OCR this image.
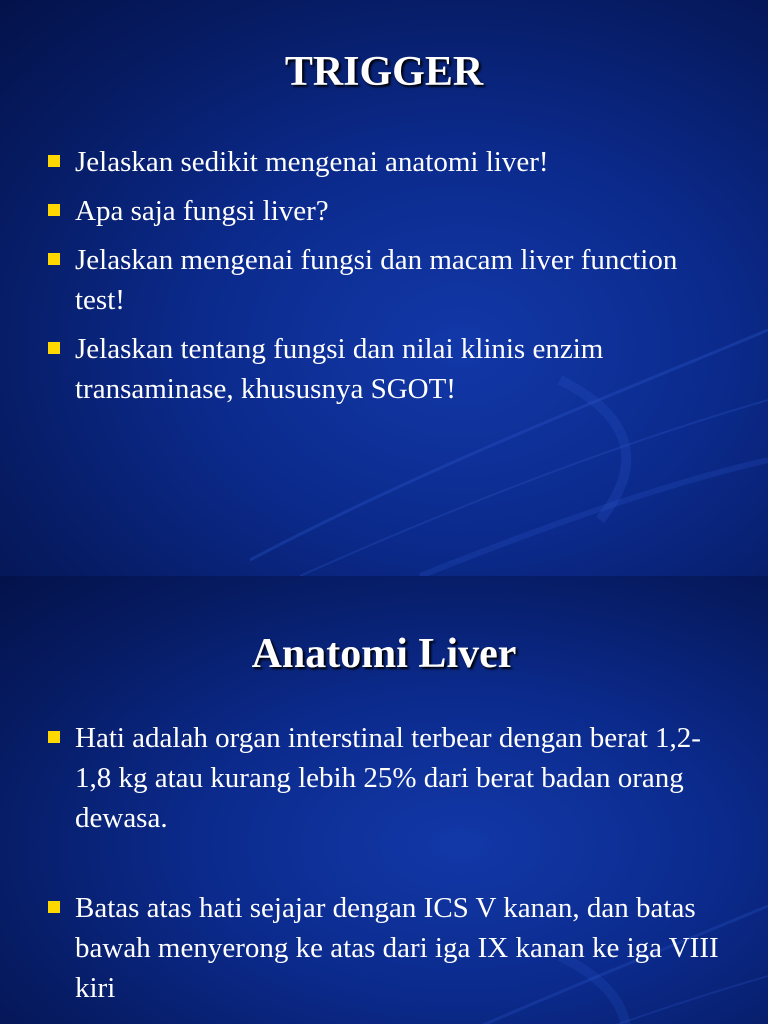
TRIGGER
Jelaskan sedikit mengenai anatomi liver!
Apa saja fungsi liver?
Jelaskan mengenai fungsi dan macam liver function test!
Jelaskan tentang fungsi dan nilai klinis enzim transaminase, khususnya SGOT!
Anatomi Liver
Hati adalah organ interstinal terbear dengan berat 1,2-1,8 kg atau kurang lebih 25% dari berat badan orang dewasa.
Batas atas hati sejajar dengan ICS V kanan, dan batas bawah menyerong ke atas dari iga IX kanan ke iga VIII kiri
